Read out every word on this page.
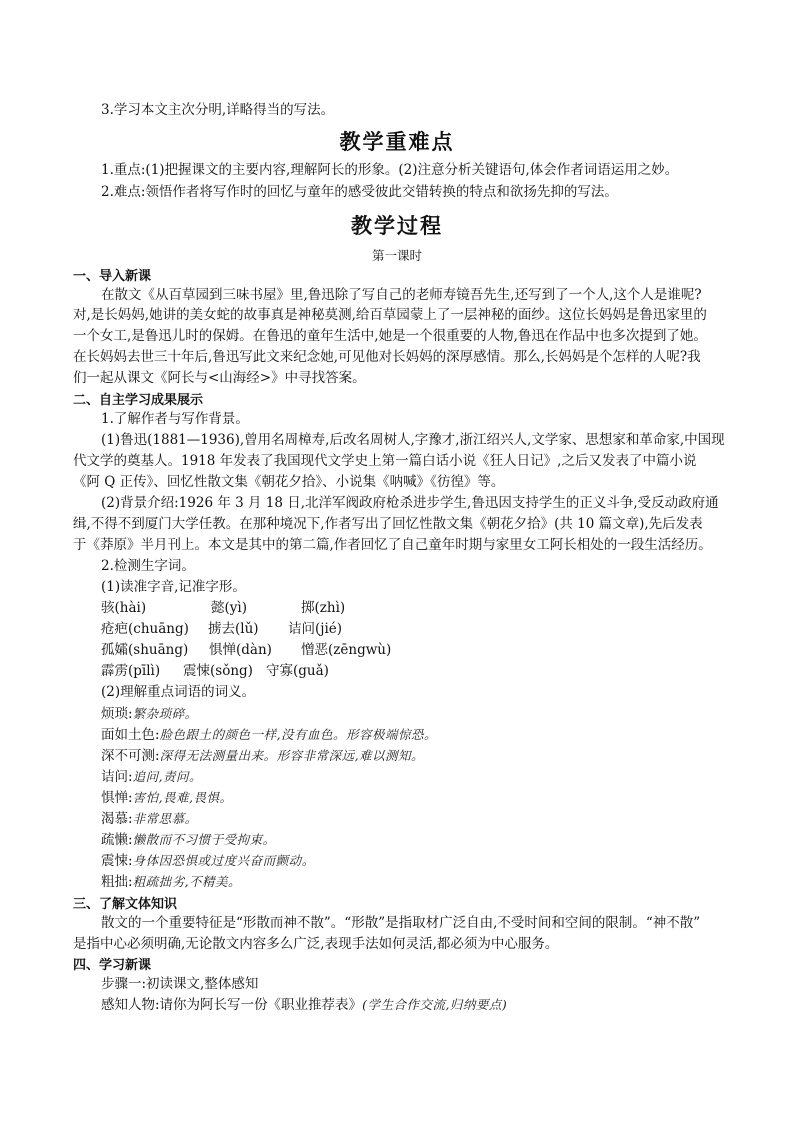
3.学习本文主次分明,详略得当的写法。
教学重难点
1.重点:(1)把握课文的主要内容,理解阿长的形象。(2)注意分析关键语句,体会作者词语运用之妙。
2.难点:领悟作者将写作时的回忆与童年的感受彼此交错转换的特点和欲扬先抑的写法。
教学过程
第一课时
一、导入新课
在散文《从百草园到三味书屋》里,鲁迅除了写自己的老师寿镜吾先生,还写到了一个人,这个人是谁呢?
对,是长妈妈,她讲的美女蛇的故事真是神秘莫测,给百草园蒙上了一层神秘的面纱。这位长妈妈是鲁迅家里的
一个女工,是鲁迅儿时的保姆。在鲁迅的童年生活中,她是一个很重要的人物,鲁迅在作品中也多次提到了她。
在长妈妈去世三十年后,鲁迅写此文来纪念她,可见他对长妈妈的深厚感情。那么,长妈妈是个怎样的人呢?我
们一起从课文《阿长与<山海经>》中寻找答案。
二、自主学习成果展示
1.了解作者与写作背景。
(1)鲁迅(1881—1936),曾用名周樟寿,后改名周树人,字豫才,浙江绍兴人,文学家、思想家和革命家,中国现
代文学的奠基人。1918 年发表了我国现代文学史上第一篇白话小说《狂人日记》,之后又发表了中篇小说
《阿 Q 正传》、回忆性散文集《朝花夕拾》、小说集《呐喊》《彷徨》等。
(2)背景介绍:1926 年 3 月 18 日,北洋军阀政府枪杀进步学生,鲁迅因支持学生的正义斗争,受反动政府通
缉,不得不到厦门大学任教。在那种境况下,作者写出了回忆性散文集《朝花夕拾》(共 10 篇文章),先后发表
于《莽原》半月刊上。本文是其中的第二篇,作者回忆了自己童年时期与家里女工阿长相处的一段生活经历。
2.检测生字词。
(1)读准字音,记准字形。
骇(hài)	懿(yì)	掷(zhì)
疮疤(chuāng) 掳去(lǔ) 诘问(jié)
孤孀(shuāng) 惧惮(dàn) 憎恶(zēngwù)
霹雳(pīlì) 震悚(sǒng) 守寡(guǎ)
(2)理解重点词语的词义。
烦琐:繁杂琐碎。
面如土色:脸色跟土的颜色一样,没有血色。形容极端惊恐。
深不可测:深得无法测量出来。形容非常深远,难以测知。
诘问:追问,责问。
惧惮:害怕,畏难,畏惧。
渴慕:非常思慕。
疏懒:懒散而不习惯于受拘束。
震悚:身体因恐惧或过度兴奋而颤动。
粗拙:粗疏拙劣,不精美。
三、了解文体知识
散文的一个重要特征是“形散而神不散”。“形散”是指取材广泛自由,不受时间和空间的限制。“神不散”
是指中心必须明确,无论散文内容多么广泛,表现手法如何灵活,都必须为中心服务。
四、学习新课
步骤一:初读课文,整体感知
感知人物:请你为阿长写一份《职业推荐表》(学生合作交流,归纳要点)
